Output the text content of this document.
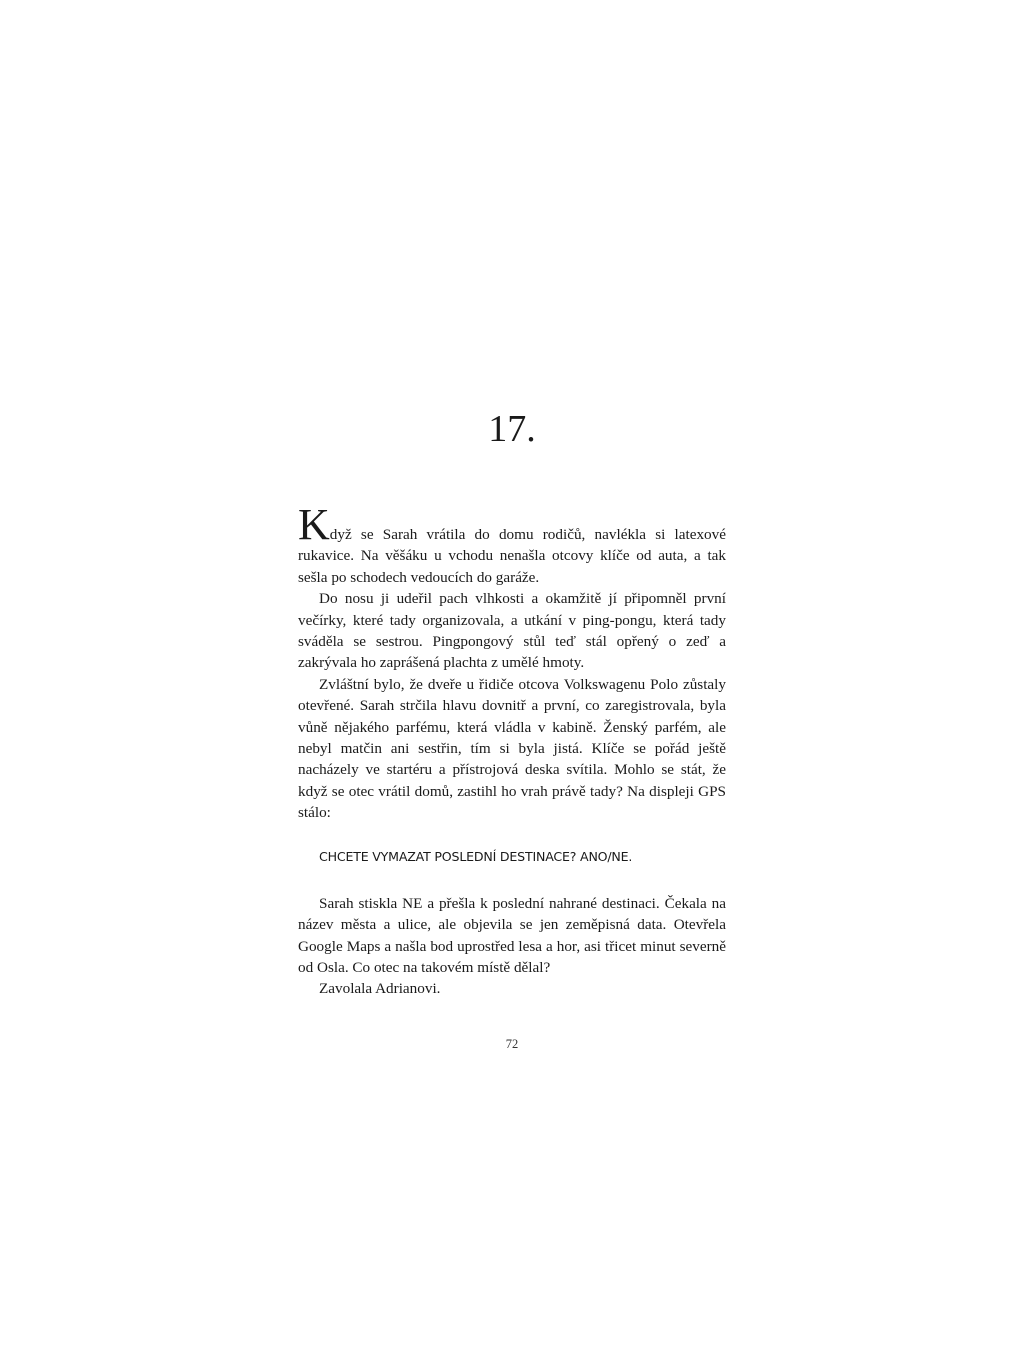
17.

Když se Sarah vrátila do domu rodičů, navlékla si latexové rukavice. Na věšáku u vchodu nenašla otcovy klíče od auta, a tak sešla po schodech vedoucích do garáže.

Do nosu ji udeřil pach vlhkosti a okamžitě jí připomněl první večírky, které tady organizovala, a utkání v ping-pongu, která tady sváděla se sestrou. Pingpongový stůl teď stál opřený o zeď a zakrývala ho zaprášená plachta z umělé hmoty.

Zvláštní bylo, že dveře u řidiče otcova Volkswagenu Polo zůstaly otevřené. Sarah strčila hlavu dovnitř a první, co zaregistrovala, byla vůně nějakého parfému, která vládla v kabině. Ženský parfém, ale nebyl matčin ani sestřin, tím si byla jistá. Klíče se pořád ještě nacházely ve startéru a přístrojová deska svítila. Mohlo se stát, že když se otec vrátil domů, zastihl ho vrah právě tady? Na displeji GPS stálo:

CHCETE VYMAZAT POSLEDNÍ DESTINACE? ANO/NE.

Sarah stiskla NE a přešla k poslední nahrané destinaci. Čekala na název města a ulice, ale objevila se jen zeměpisná data. Otevřela Google Maps a našla bod uprostřed lesa a hor, asi třicet minut severně od Osla. Co otec na takovém místě dělal?

Zavolala Adrianovi.

72
